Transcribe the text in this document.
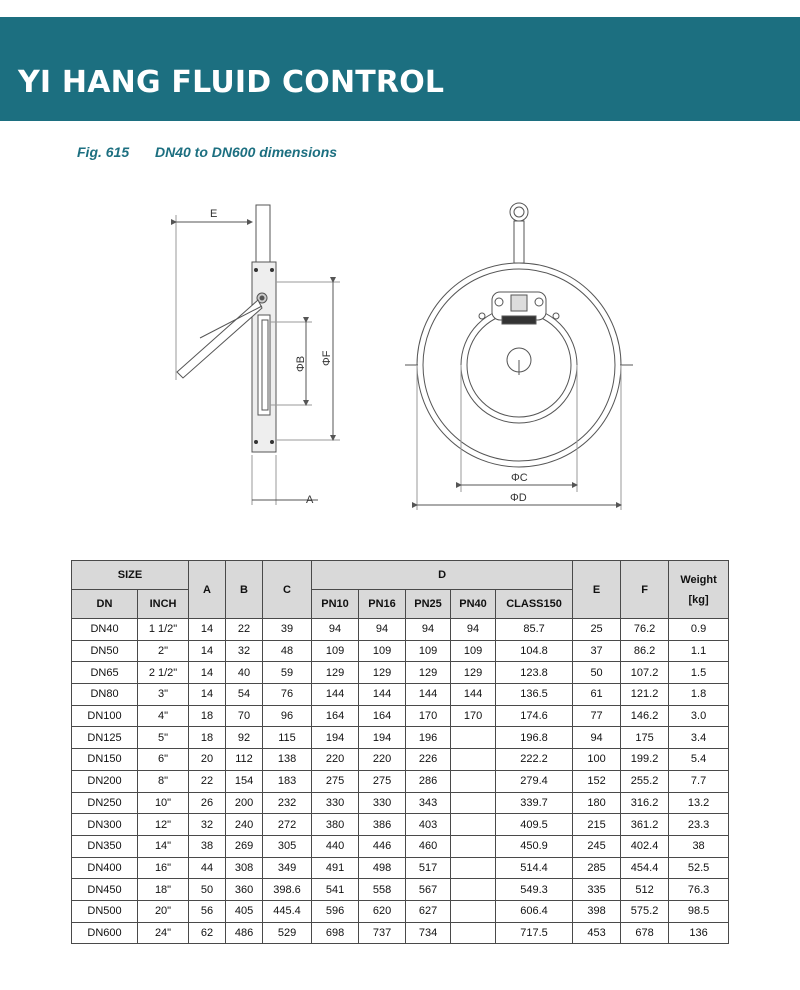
YI HANG FLUID CONTROL
Fig. 615 DN40 to DN600 dimensions
E
A
ΦB ΦF
ΦC
ΦD
SIZE		A	B	C	D					E	F	Weight
[kg]

DN	INCH				PN10	PN16	PN25	PN40	CLASS150			
DN40	1 1/2"	14	22	39	94	94	94	94	85.7	25	76.2	0.9
DN50	2"	14	32	48	109	109	109	109	104.8	37	86.2	1.1
DN65	2 1/2"	14	40	59	129	129	129	129	123.8	50	107.2	1.5
DN80	3"	14	54	76	144	144	144	144	136.5	61	121.2	1.8
DN100	4"	18	70	96	164	164	170	170	174.6	77	146.2	3.0
DN125	5"	18	92	115	194	194	196		196.8	94	175	3.4
DN150	6"	20	112	138	220	220	226		222.2	100	199.2	5.4
DN200	8"	22	154	183	275	275	286		279.4	152	255.2	7.7
DN250	10"	26	200	232	330	330	343		339.7	180	316.2	13.2
DN300	12"	32	240	272	380	386	403		409.5	215	361.2	23.3
DN350	14"	38	269	305	440	446	460		450.9	245	402.4	38
DN400	16"	44	308	349	491	498	517		514.4	285	454.4	52.5
DN450	18"	50	360	398.6	541	558	567		549.3	335	512	76.3
DN500	20"	56	405	445.4	596	620	627		606.4	398	575.2	98.5
DN600	24"	62	486	529	698	737	734		717.5	453	678	136
